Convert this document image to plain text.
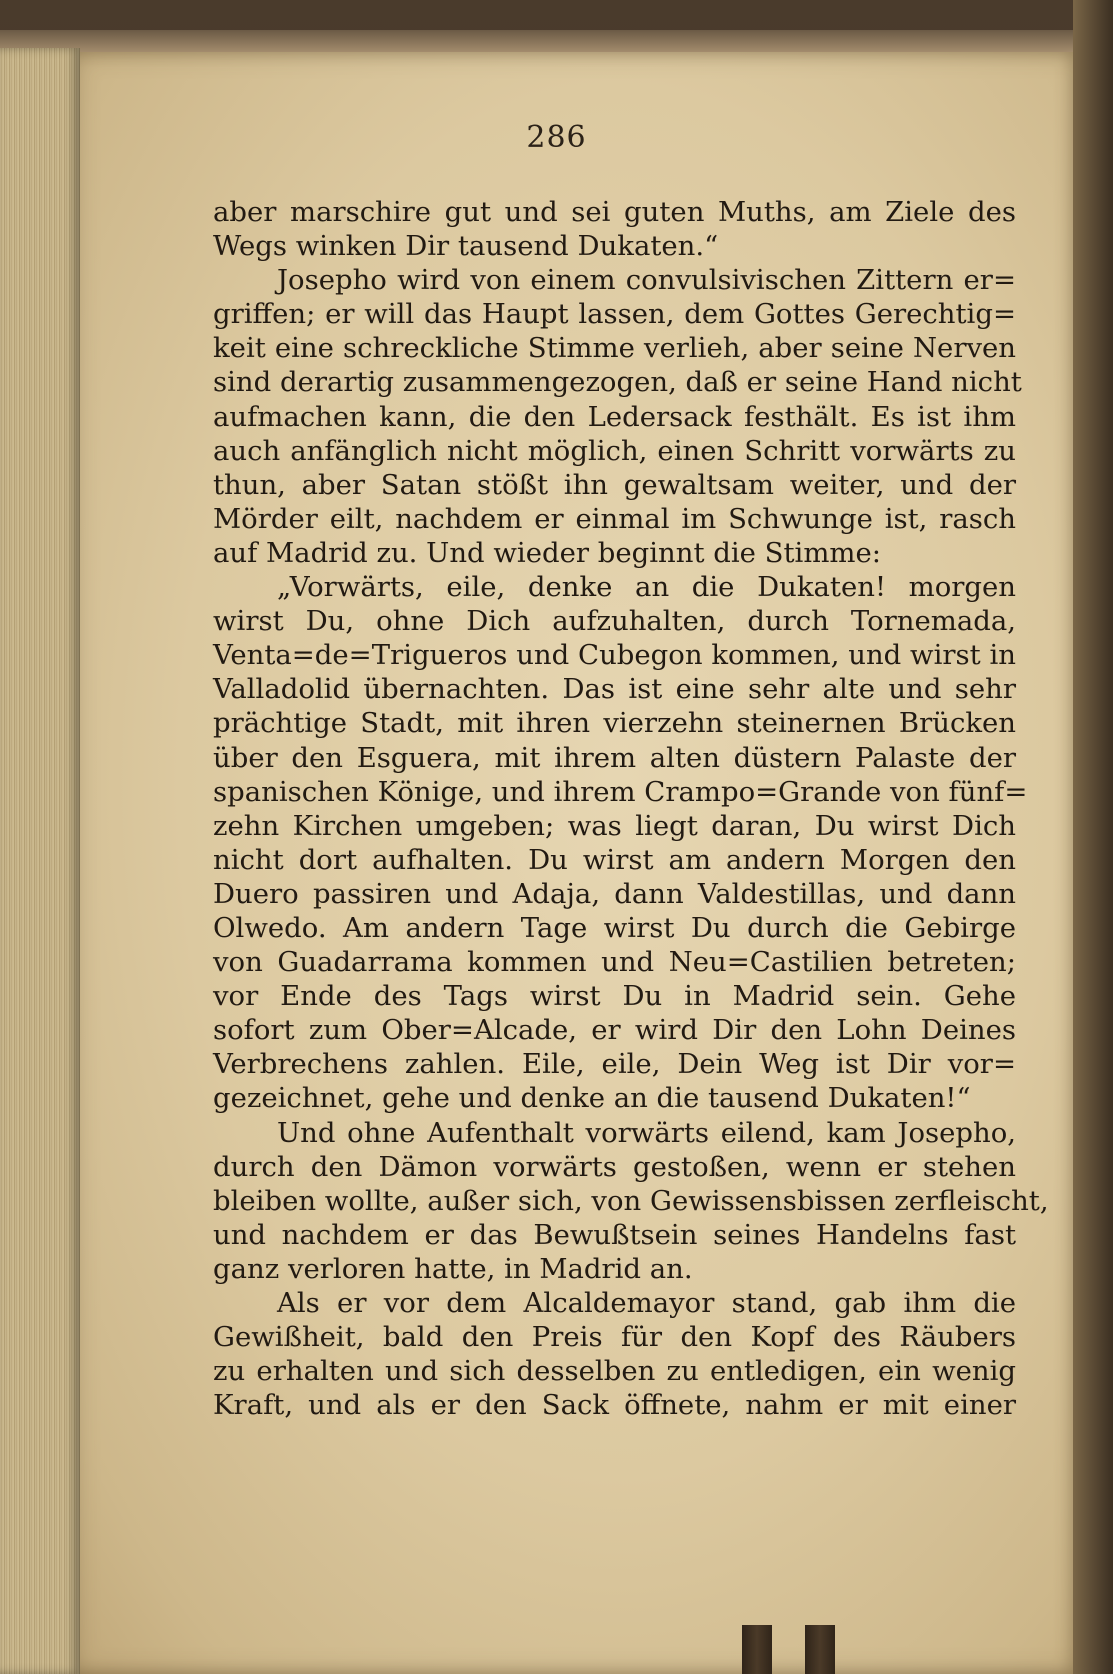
286
aber marschire gut und sei guten Muths, am Ziele des
Wegs winken Dir tausend Dukaten.“
Josepho wird von einem convulsivischen Zittern er=
griffen; er will das Haupt lassen, dem Gottes Gerechtig=
keit eine schreckliche Stimme verlieh, aber seine Nerven
sind derartig zusammengezogen, daß er seine Hand nicht
aufmachen kann, die den Ledersack festhält. Es ist ihm
auch anfänglich nicht möglich, einen Schritt vorwärts zu
thun, aber Satan stößt ihn gewaltsam weiter, und der
Mörder eilt, nachdem er einmal im Schwunge ist, rasch
auf Madrid zu. Und wieder beginnt die Stimme:
„Vorwärts, eile, denke an die Dukaten! morgen
wirst Du, ohne Dich aufzuhalten, durch Tornemada,
Venta=de=Trigueros und Cubegon kommen, und wirst in
Valladolid übernachten. Das ist eine sehr alte und sehr
prächtige Stadt, mit ihren vierzehn steinernen Brücken
über den Esguera, mit ihrem alten düstern Palaste der
spanischen Könige, und ihrem Crampo=Grande von fünf=
zehn Kirchen umgeben; was liegt daran, Du wirst Dich
nicht dort aufhalten. Du wirst am andern Morgen den
Duero passiren und Adaja, dann Valdestillas, und dann
Olwedo. Am andern Tage wirst Du durch die Gebirge
von Guadarrama kommen und Neu=Castilien betreten;
vor Ende des Tags wirst Du in Madrid sein. Gehe
sofort zum Ober=Alcade, er wird Dir den Lohn Deines
Verbrechens zahlen. Eile, eile, Dein Weg ist Dir vor=
gezeichnet, gehe und denke an die tausend Dukaten!“
Und ohne Aufenthalt vorwärts eilend, kam Josepho,
durch den Dämon vorwärts gestoßen, wenn er stehen
bleiben wollte, außer sich, von Gewissensbissen zerfleischt,
und nachdem er das Bewußtsein seines Handelns fast
ganz verloren hatte, in Madrid an.
Als er vor dem Alcaldemayor stand, gab ihm die
Gewißheit, bald den Preis für den Kopf des Räubers
zu erhalten und sich desselben zu entledigen, ein wenig
Kraft, und als er den Sack öffnete, nahm er mit einer
